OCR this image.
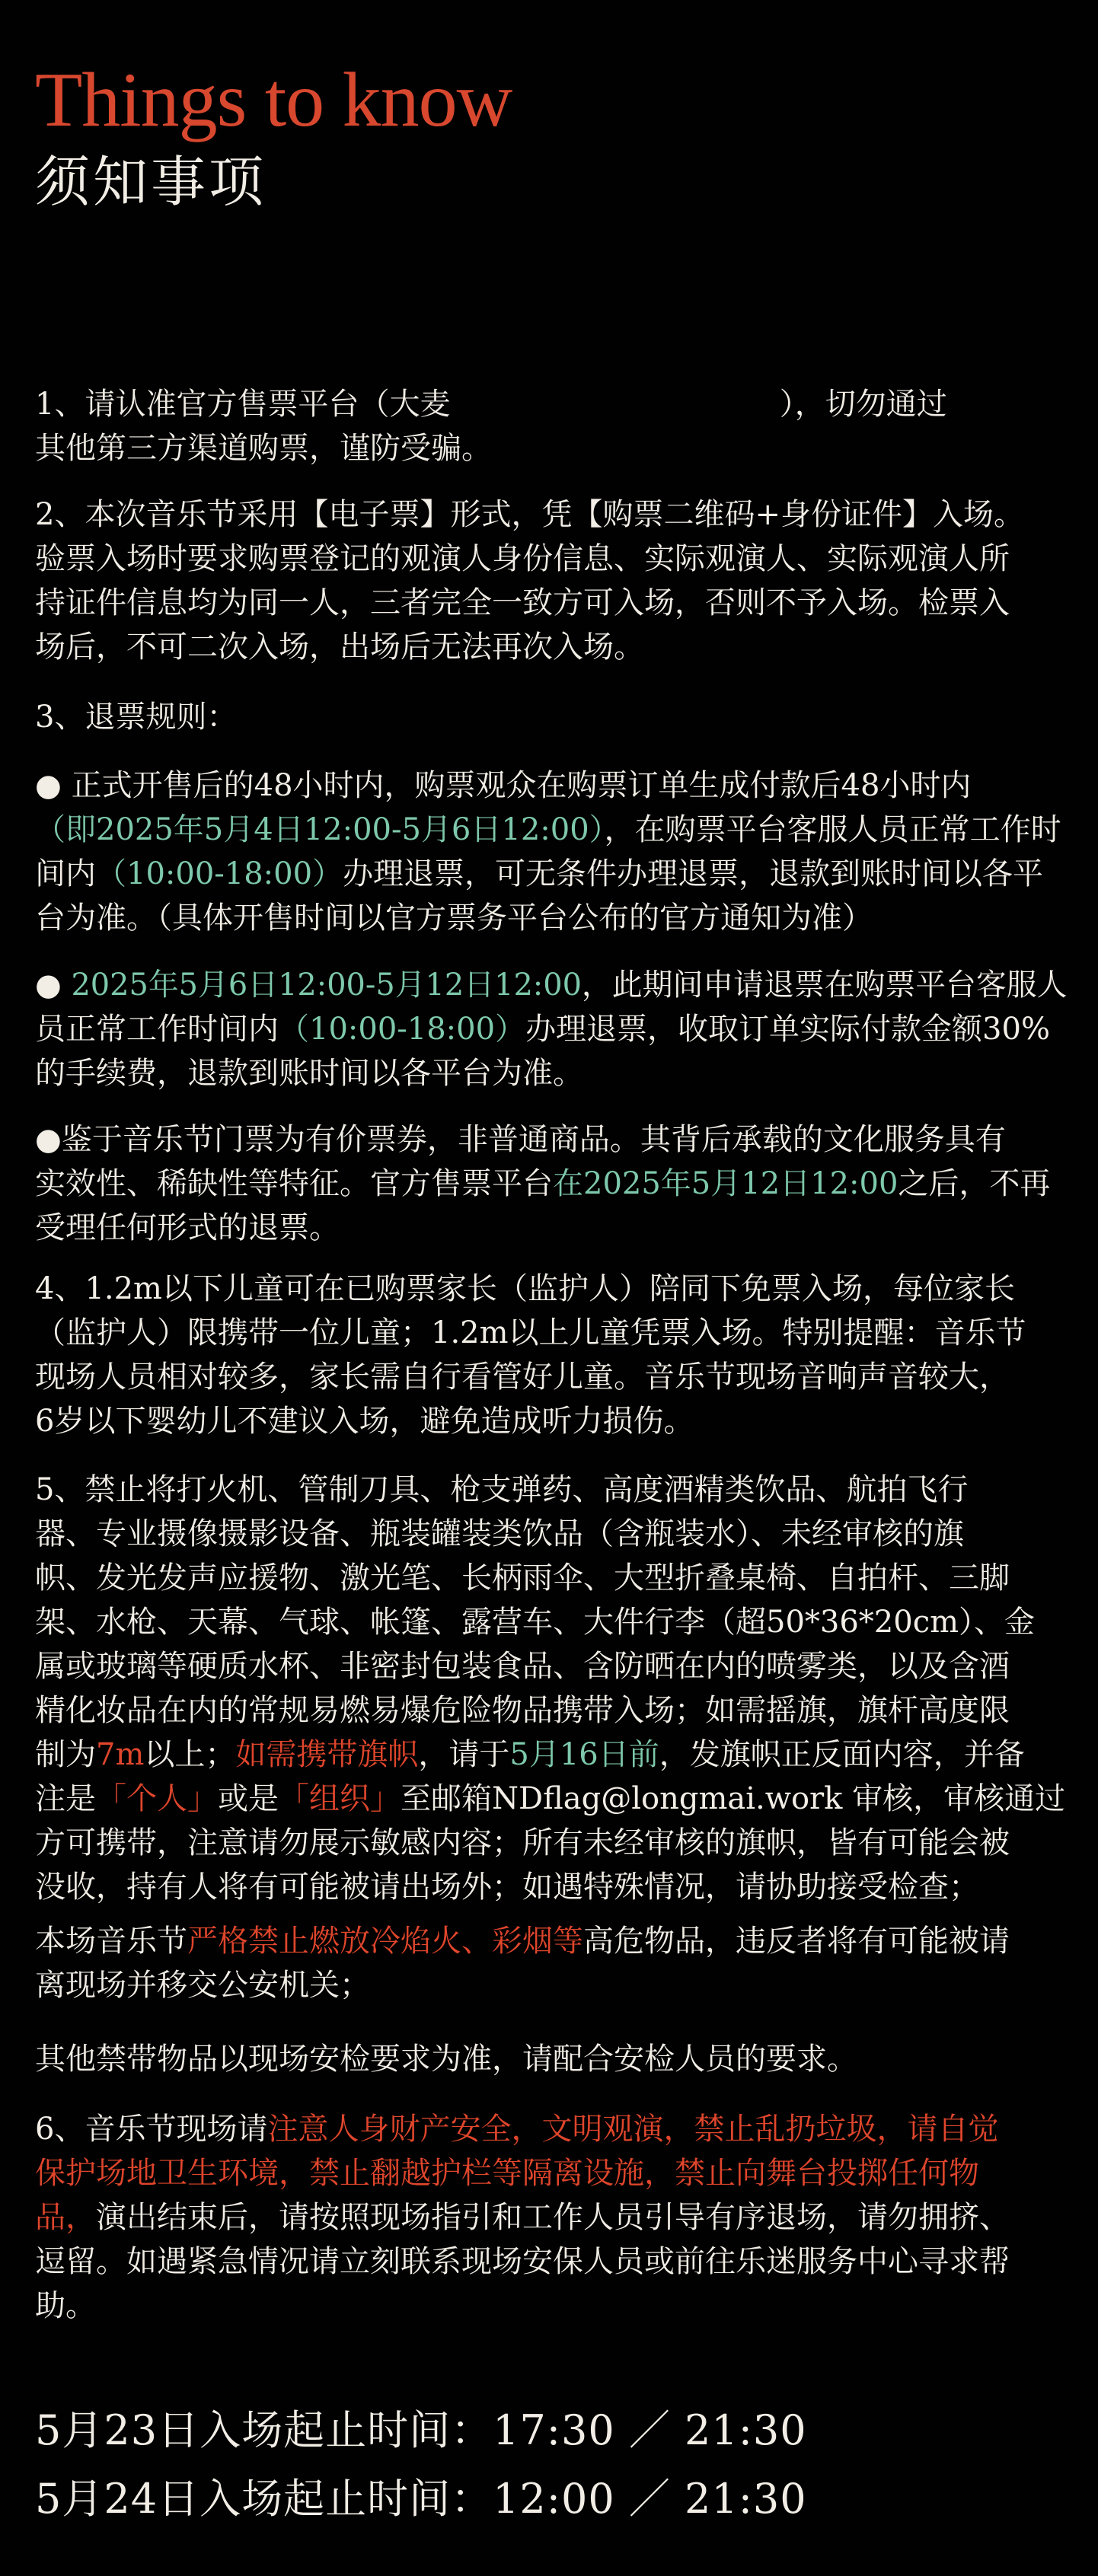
Things to know
须知事项
1、请认准官方售票平台（大麦                                  ），切勿通过
其他第三方渠道购票，谨防受骗。
2、本次音乐节采用【电子票】形式，凭【购票二维码+身份证件】入场。
验票入场时要求购票登记的观演人身份信息、实际观演人、实际观演人所
持证件信息均为同一人，三者完全一致方可入场，否则不予入场。检票入
场后，不可二次入场，出场后无法再次入场。
3、退票规则：
● 正式开售后的48小时内，购票观众在购票订单生成付款后48小时内
（即2025年5月4日12:00-5月6日12:00），在购票平台客服人员正常工作时
间内（10:00-18:00）办理退票，可无条件办理退票，退款到账时间以各平
台为准。（具体开售时间以官方票务平台公布的官方通知为准）
● 2025年5月6日12:00-5月12日12:00，此期间申请退票在购票平台客服人
员正常工作时间内（10:00-18:00）办理退票，收取订单实际付款金额30%
的手续费，退款到账时间以各平台为准。
●鉴于音乐节门票为有价票券，非普通商品。其背后承载的文化服务具有
实效性、稀缺性等特征。官方售票平台在2025年5月12日12:00之后，不再
受理任何形式的退票。
4、1.2m以下儿童可在已购票家长（监护人）陪同下免票入场，每位家长
（监护人）限携带一位儿童；1.2m以上儿童凭票入场。特别提醒：音乐节
现场人员相对较多，家长需自行看管好儿童。音乐节现场音响声音较大，
6岁以下婴幼儿不建议入场，避免造成听力损伤。
5、禁止将打火机、管制刀具、枪支弹药、高度酒精类饮品、航拍飞行
器、专业摄像摄影设备、瓶装罐装类饮品（含瓶装水）、未经审核的旗
帜、发光发声应援物、激光笔、长柄雨伞、大型折叠桌椅、自拍杆、三脚
架、水枪、天幕、气球、帐篷、露营车、大件行李（超50*36*20cm）、金
属或玻璃等硬质水杯、非密封包装食品、含防晒在内的喷雾类，以及含酒
精化妆品在内的常规易燃易爆危险物品携带入场；如需摇旗，旗杆高度限
制为7m以上；如需携带旗帜，请于5月16日前，发旗帜正反面内容，并备
注是「个人」或是「组织」至邮箱NDflag@longmai.work 审核，审核通过
方可携带，注意请勿展示敏感内容；所有未经审核的旗帜，皆有可能会被
没收，持有人将有可能被请出场外；如遇特殊情况，请协助接受检查；
本场音乐节严格禁止燃放冷焰火、彩烟等高危物品，违反者将有可能被请
离现场并移交公安机关；
其他禁带物品以现场安检要求为准，请配合安检人员的要求。
6、音乐节现场请注意人身财产安全，文明观演，禁止乱扔垃圾，请自觉
保护场地卫生环境，禁止翻越护栏等隔离设施，禁止向舞台投掷任何物
品，演出结束后，请按照现场指引和工作人员引导有序退场，请勿拥挤、
逗留。如遇紧急情况请立刻联系现场安保人员或前往乐迷服务中心寻求帮
助。
5月23日入场起止时间：17:30 ／ 21:30
5月24日入场起止时间：12:00 ／ 21:30
